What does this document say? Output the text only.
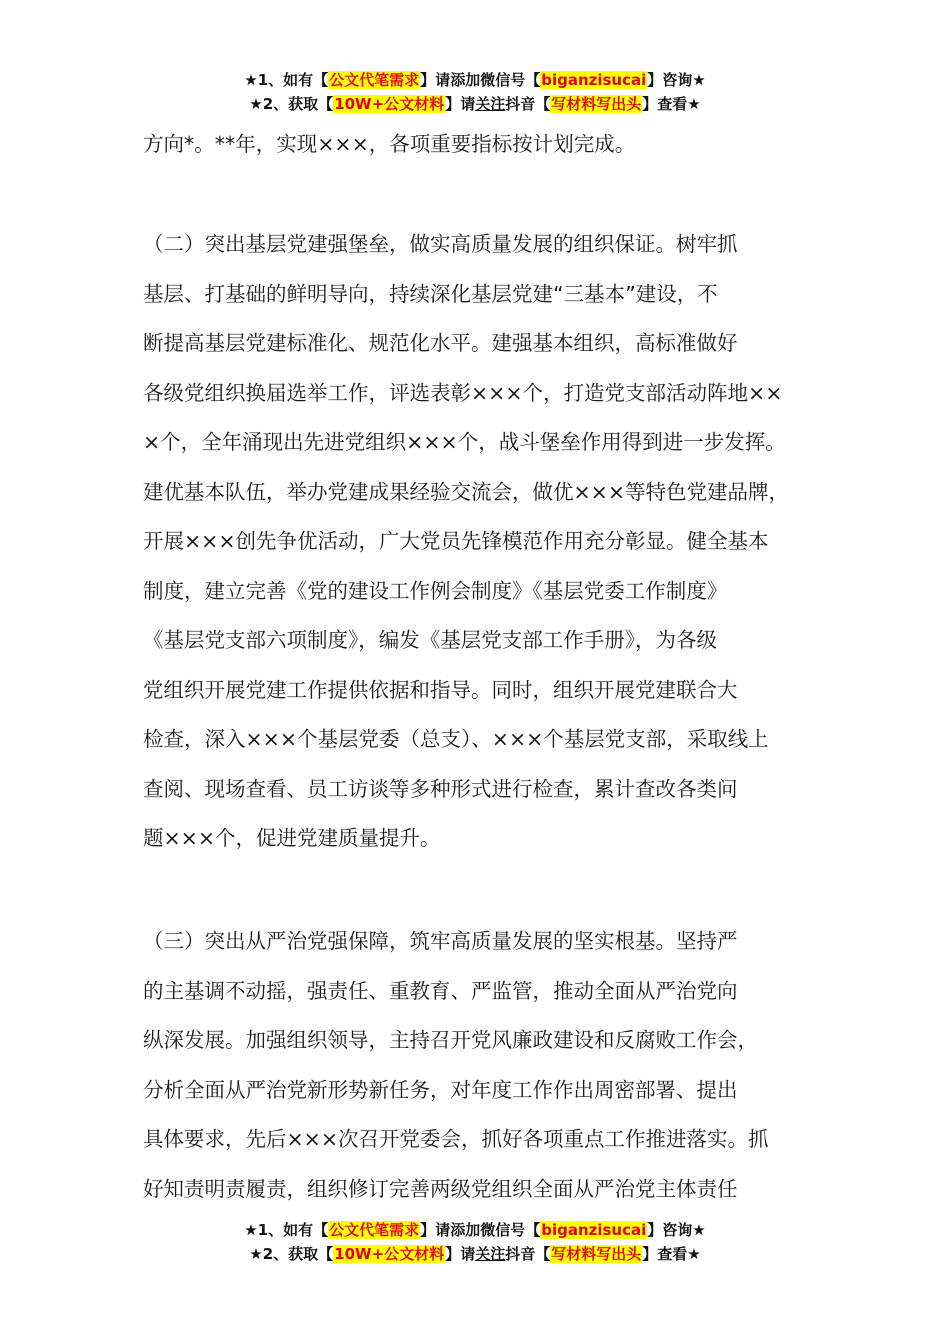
★1、如有【公文代笔需求】请添加微信号【biganzisucai】咨询★
★2、获取【10W+公文材料】请关注抖音【写材料写出头】查看★
方向*。**年，实现×××，各项重要指标按计划完成。
（二）突出基层党建强堡垒，做实高质量发展的组织保证。树牢抓
基层、打基础的鲜明导向，持续深化基层党建“三基本”建设，不
断提高基层党建标准化、规范化水平。建强基本组织，高标准做好
各级党组织换届选举工作，评选表彰×××个，打造党支部活动阵地××
×个，全年涌现出先进党组织×××个，战斗堡垒作用得到进一步发挥。
建优基本队伍，举办党建成果经验交流会，做优×××等特色党建品牌，
开展×××创先争优活动，广大党员先锋模范作用充分彰显。健全基本
制度，建立完善《党的建设工作例会制度》《基层党委工作制度》
《基层党支部六项制度》，编发《基层党支部工作手册》，为各级
党组织开展党建工作提供依据和指导。同时，组织开展党建联合大
检查，深入×××个基层党委（总支）、×××个基层党支部，采取线上
查阅、现场查看、员工访谈等多种形式进行检查，累计查改各类问
题×××个，促进党建质量提升。
（三）突出从严治党强保障，筑牢高质量发展的坚实根基。坚持严
的主基调不动摇，强责任、重教育、严监管，推动全面从严治党向
纵深发展。加强组织领导，主持召开党风廉政建设和反腐败工作会，
分析全面从严治党新形势新任务，对年度工作作出周密部署、提出
具体要求，先后×××次召开党委会，抓好各项重点工作推进落实。抓
好知责明责履责，组织修订完善两级党组织全面从严治党主体责任
★1、如有【公文代笔需求】请添加微信号【biganzisucai】咨询★
★2、获取【10W+公文材料】请关注抖音【写材料写出头】查看★
